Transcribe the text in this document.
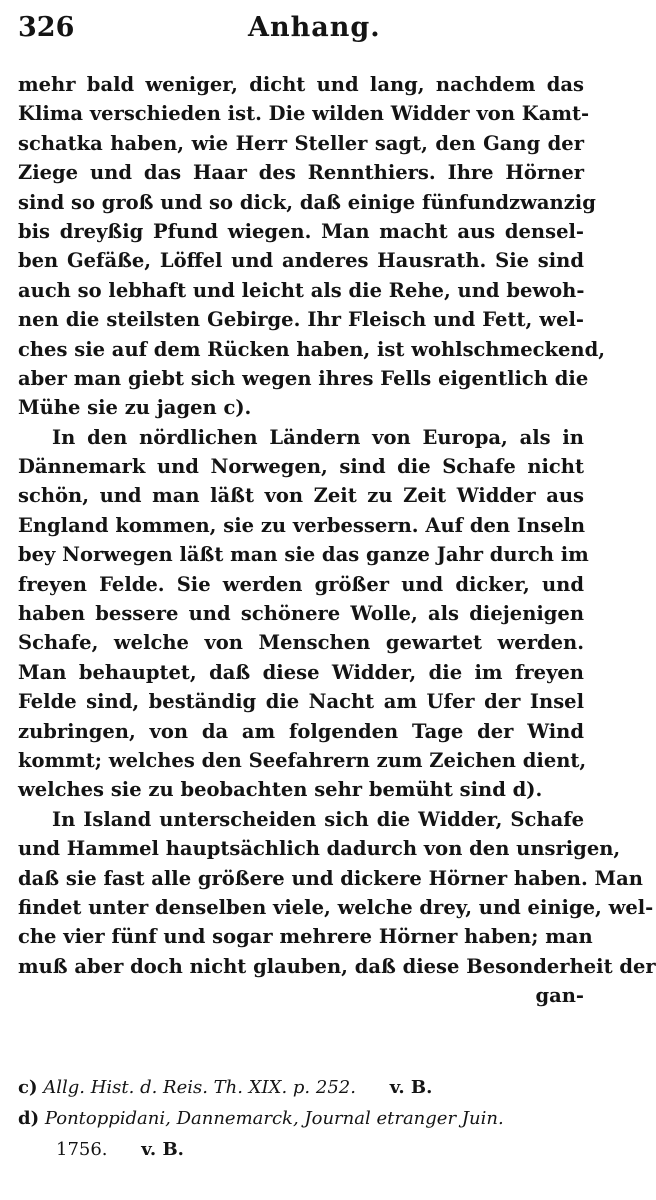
326	Anhang.
mehr bald weniger, dicht und lang, nachdem das
Klima verschieden ist. Die wilden Widder von Kamt-
schatka haben, wie Herr Steller sagt, den Gang der
Ziege und das Haar des Rennthiers. Ihre Hörner
sind so groß und so dick, daß einige fünfundzwanzig
bis dreyßig Pfund wiegen. Man macht aus densel-
ben Gefäße, Löffel und anderes Hausrath. Sie sind
auch so lebhaft und leicht als die Rehe, und bewoh-
nen die steilsten Gebirge. Ihr Fleisch und Fett, wel-
ches sie auf dem Rücken haben, ist wohlschmeckend,
aber man giebt sich wegen ihres Fells eigentlich die
Mühe sie zu jagen c).
In den nördlichen Ländern von Europa, als in
Dännemark und Norwegen, sind die Schafe nicht
schön, und man läßt von Zeit zu Zeit Widder aus
England kommen, sie zu verbessern. Auf den Inseln
bey Norwegen läßt man sie das ganze Jahr durch im
freyen Felde. Sie werden größer und dicker, und
haben bessere und schönere Wolle, als diejenigen
Schafe, welche von Menschen gewartet werden.
Man behauptet, daß diese Widder, die im freyen
Felde sind, beständig die Nacht am Ufer der Insel
zubringen, von da am folgenden Tage der Wind
kommt; welches den Seefahrern zum Zeichen dient,
welches sie zu beobachten sehr bemüht sind d).
In Island unterscheiden sich die Widder, Schafe
und Hammel hauptsächlich dadurch von den unsrigen,
daß sie fast alle größere und dickere Hörner haben. Man
findet unter denselben viele, welche drey, und einige, wel-
che vier fünf und sogar mehrere Hörner haben; man
muß aber doch nicht glauben, daß diese Besonderheit der
gan-
c) Allg. Hist. d. Reis. Th. XIX. p. 252. v. B.
d) Pontoppidani, Dannemarck, Journal etranger Juin.
1756. v. B.
